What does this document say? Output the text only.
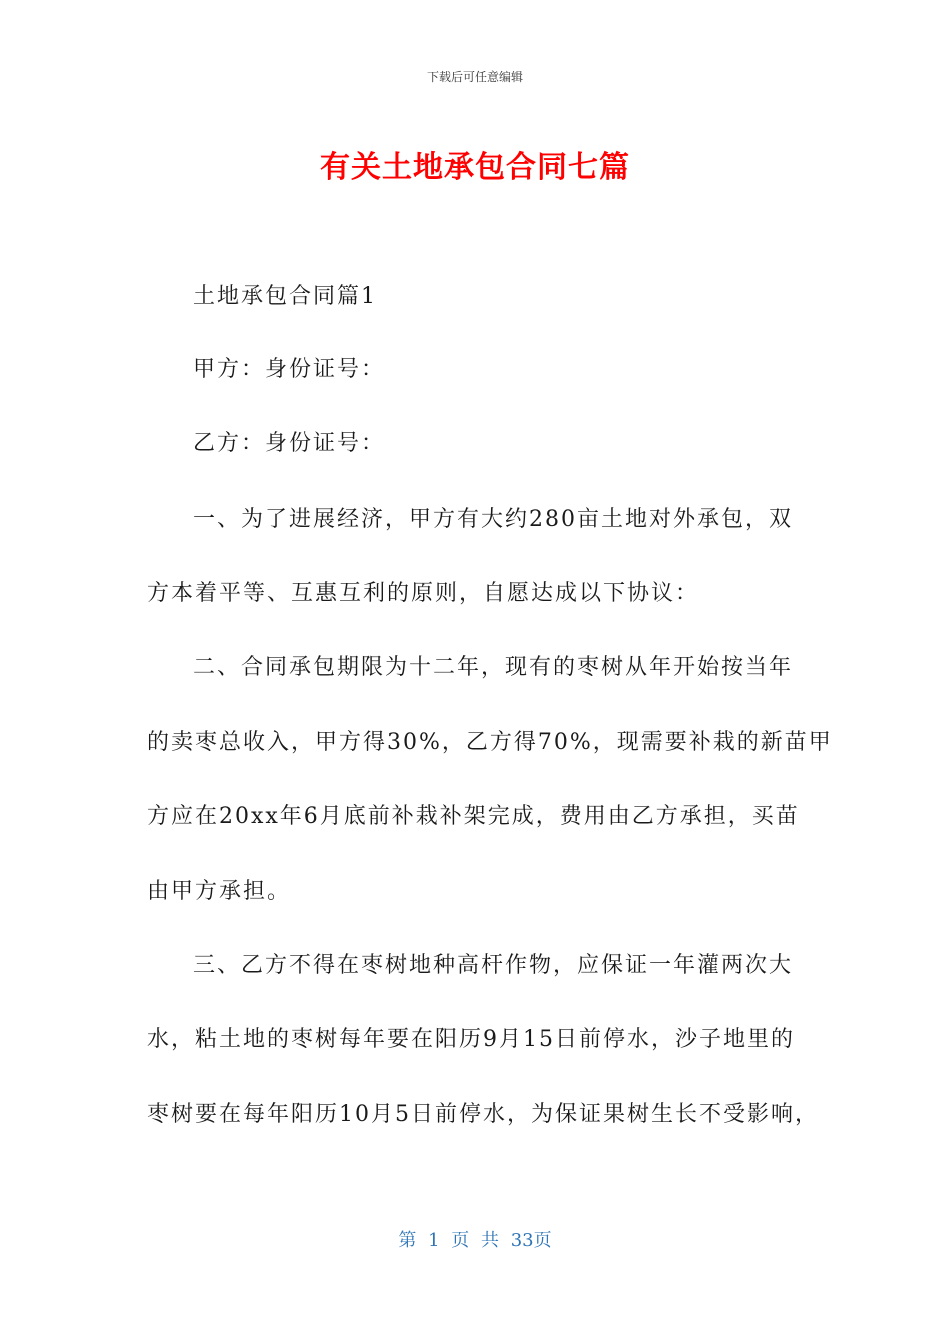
下载后可任意编辑
有关土地承包合同七篇
土地承包合同篇1
甲方：身份证号：
乙方：身份证号：
一、为了进展经济，甲方有大约280亩土地对外承包，双
方本着平等、互惠互利的原则，自愿达成以下协议：
二、合同承包期限为十二年，现有的枣树从年开始按当年
的卖枣总收入，甲方得30%，乙方得70%，现需要补栽的新苗甲
方应在20xx年6月底前补栽补架完成，费用由乙方承担，买苗
由甲方承担。
三、乙方不得在枣树地种高杆作物，应保证一年灌两次大
水，粘土地的枣树每年要在阳历9月15日前停水，沙子地里的
枣树要在每年阳历10月5日前停水，为保证果树生长不受影响，
第 1 页 共 33页
